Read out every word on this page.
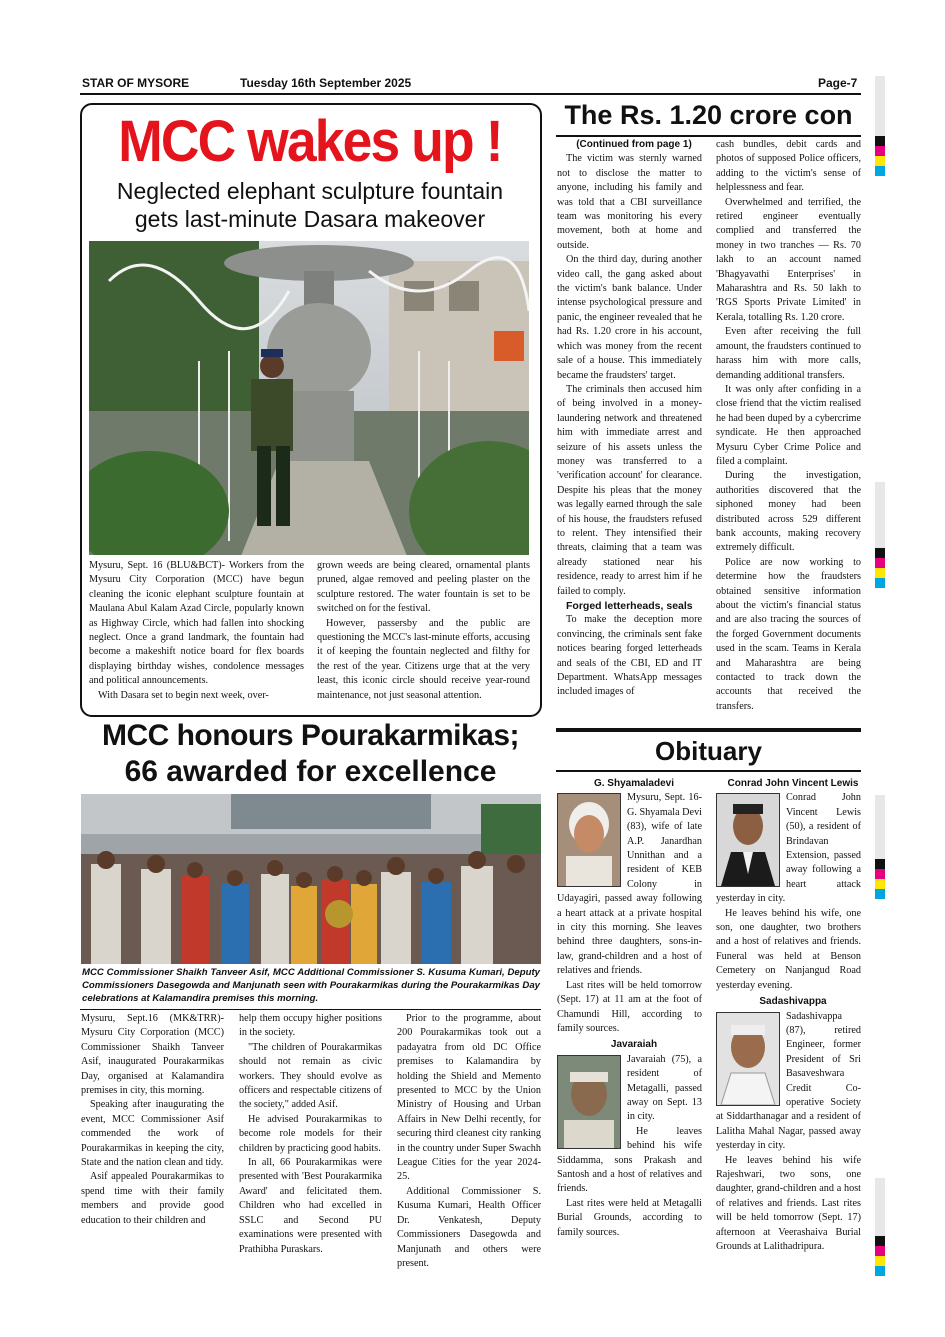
STAR OF MYSORE	Tuesday 16th September 2025	Page-7
MCC wakes up !
Neglected elephant sculpture fountain
gets last-minute Dasara makeover

Mysuru, Sept. 16 (BLU&BCT)- Workers from the Mysuru City Corporation (MCC) have begun cleaning the iconic elephant sculpture fountain at Maulana Abul Kalam Azad Circle, popularly known as Highway Circle, which had fallen into shocking neglect. Once a grand landmark, the fountain had become a makeshift notice board for flex boards displaying birthday wishes, condolence messages and political announcements.

With Dasara set to begin next week, over-

grown weeds are being cleared, ornamental plants pruned, algae removed and peeling plaster on the sculpture restored. The water fountain is set to be switched on for the festival.

However, passersby and the public are questioning the MCC's last-minute efforts, accusing it of keeping the fountain neglected and filthy for the rest of the year. Citizens urge that at the very least, this iconic circle should receive year-round maintenance, not just seasonal attention.

The Rs. 1.20 crore con

(Continued from page 1)

The victim was sternly warned not to disclose the matter to anyone, including his family and was told that a CBI surveillance team was monitoring his every movement, both at home and outside.

On the third day, during another video call, the gang asked about the victim's bank balance. Under intense psychological pressure and panic, the engineer revealed that he had Rs. 1.20 crore in his account, which was money from the recent sale of a house. This immediately became the fraudsters' target.

The criminals then accused him of being involved in a money-laundering network and threatened him with immediate arrest and seizure of his assets unless the money was transferred to a 'verification account' for clearance. Despite his pleas that the money was legally earned through the sale of his house, the fraudsters refused to relent. They intensified their threats, claiming that a team was already stationed near his residence, ready to arrest him if he failed to comply.

Forged letterheads, seals

To make the deception more convincing, the criminals sent fake notices bearing forged letterheads and seals of the CBI, ED and IT Department. WhatsApp messages included images of

cash bundles, debit cards and photos of supposed Police officers, adding to the victim's sense of helplessness and fear.

Overwhelmed and terrified, the retired engineer eventually complied and transferred the money in two tranches — Rs. 70 lakh to an account named 'Bhagyavathi Enterprises' in Maharashtra and Rs. 50 lakh to 'RGS Sports Private Limited' in Kerala, totalling Rs. 1.20 crore.

Even after receiving the full amount, the fraudsters continued to harass him with more calls, demanding additional transfers.

It was only after confiding in a close friend that the victim realised he had been duped by a cybercrime syndicate. He then approached Mysuru Cyber Crime Police and filed a complaint.

During the investigation, authorities discovered that the siphoned money had been distributed across 529 different bank accounts, making recovery extremely difficult.

Police are now working to determine how the fraudsters obtained sensitive information about the victim's financial status and are also tracing the sources of the forged Government documents used in the scam. Teams in Kerala and Maharashtra are being contacted to track down the accounts that received the transfers.

MCC honours Pourakarmikas;
66 awarded for excellence
MCC Commissioner Shaikh Tanveer Asif, MCC Additional Commissioner S. Kusuma Kumari, Deputy Commissioners Dasegowda and Manjunath seen with Pourakarmikas during the Pourakarmikas Day celebrations at Kalamandira premises this morning.

Mysuru, Sept.16 (MK&TRR)- Mysuru City Corporation (MCC) Commissioner Shaikh Tanveer Asif, inaugurated Pourakarmikas Day, organised at Kalamandira premises in city, this morning.

Speaking after inaugurating the event, MCC Commissioner Asif commended the work of Pourakarmikas in keeping the city, State and the nation clean and tidy.

Asif appealed Pourakarmikas to spend time with their family members and provide good education to their children and

help them occupy higher positions in the society.

"The children of Pourakarmikas should not remain as civic workers. They should evolve as officers and respectable citizens of the society," added Asif.

He advised Pourakarmikas to become role models for their children by practicing good habits.

In all, 66 Pourakarmikas were presented with 'Best Pourakarmika Award' and felicitated them. Children who had excelled in SSLC and Second PU examinations were presented with Prathibha Puraskars.

Prior to the programme, about 200 Pourakarmikas took out a padayatra from old DC Office premises to Kalamandira by holding the Shield and Memento presented to MCC by the Union Ministry of Housing and Urban Affairs in New Delhi recently, for securing third cleanest city ranking in the country under Super Swachh League Cities for the year 2024-25.

Additional Commissioner S. Kusuma Kumari, Health Officer Dr. Venkatesh, Deputy Commissioners Dasegowda and Manjunath and others were present.

Obituary

G. Shyamaladevi

Mysuru, Sept. 16- G. Shyamala Devi (83), wife of late A.P. Janardhan Unnithan and a resident of KEB Colony in Udayagiri, passed away following a heart attack at a private hospital in city this morning. She leaves behind three daughters, sons-in-law, grand-children and a host of relatives and friends.

Last rites will be held tomorrow (Sept. 17) at 11 am at the foot of Chamundi Hill, according to family sources.

Javaraiah

Javaraiah (75), a resident of Metagalli, passed away on Sept. 13 in city.

He leaves behind his wife Siddamma, sons Prakash and Santosh and a host of relatives and friends.

Last rites were held at Metagalli Burial Grounds, according to family sources.

Conrad John Vincent Lewis

Conrad John Vincent Lewis (50), a resident of Brindavan Extension, passed away following a heart attack yesterday in city.

He leaves behind his wife, one son, one daughter, two brothers and a host of relatives and friends. Funeral was held at Benson Cemetery on Nanjangud Road yesterday evening.

Sadashivappa

Sadashivappa (87), retired Engineer, former President of Sri Basaveshwara Credit Co-operative Society at Siddarthanagar and a resident of Lalitha Mahal Nagar, passed away yesterday in city.

He leaves behind his wife Rajeshwari, two sons, one daughter, grand-children and a host of relatives and friends. Last rites will be held tomorrow (Sept. 17) afternoon at Veerashaiva Burial Grounds at Lalithadripura.
